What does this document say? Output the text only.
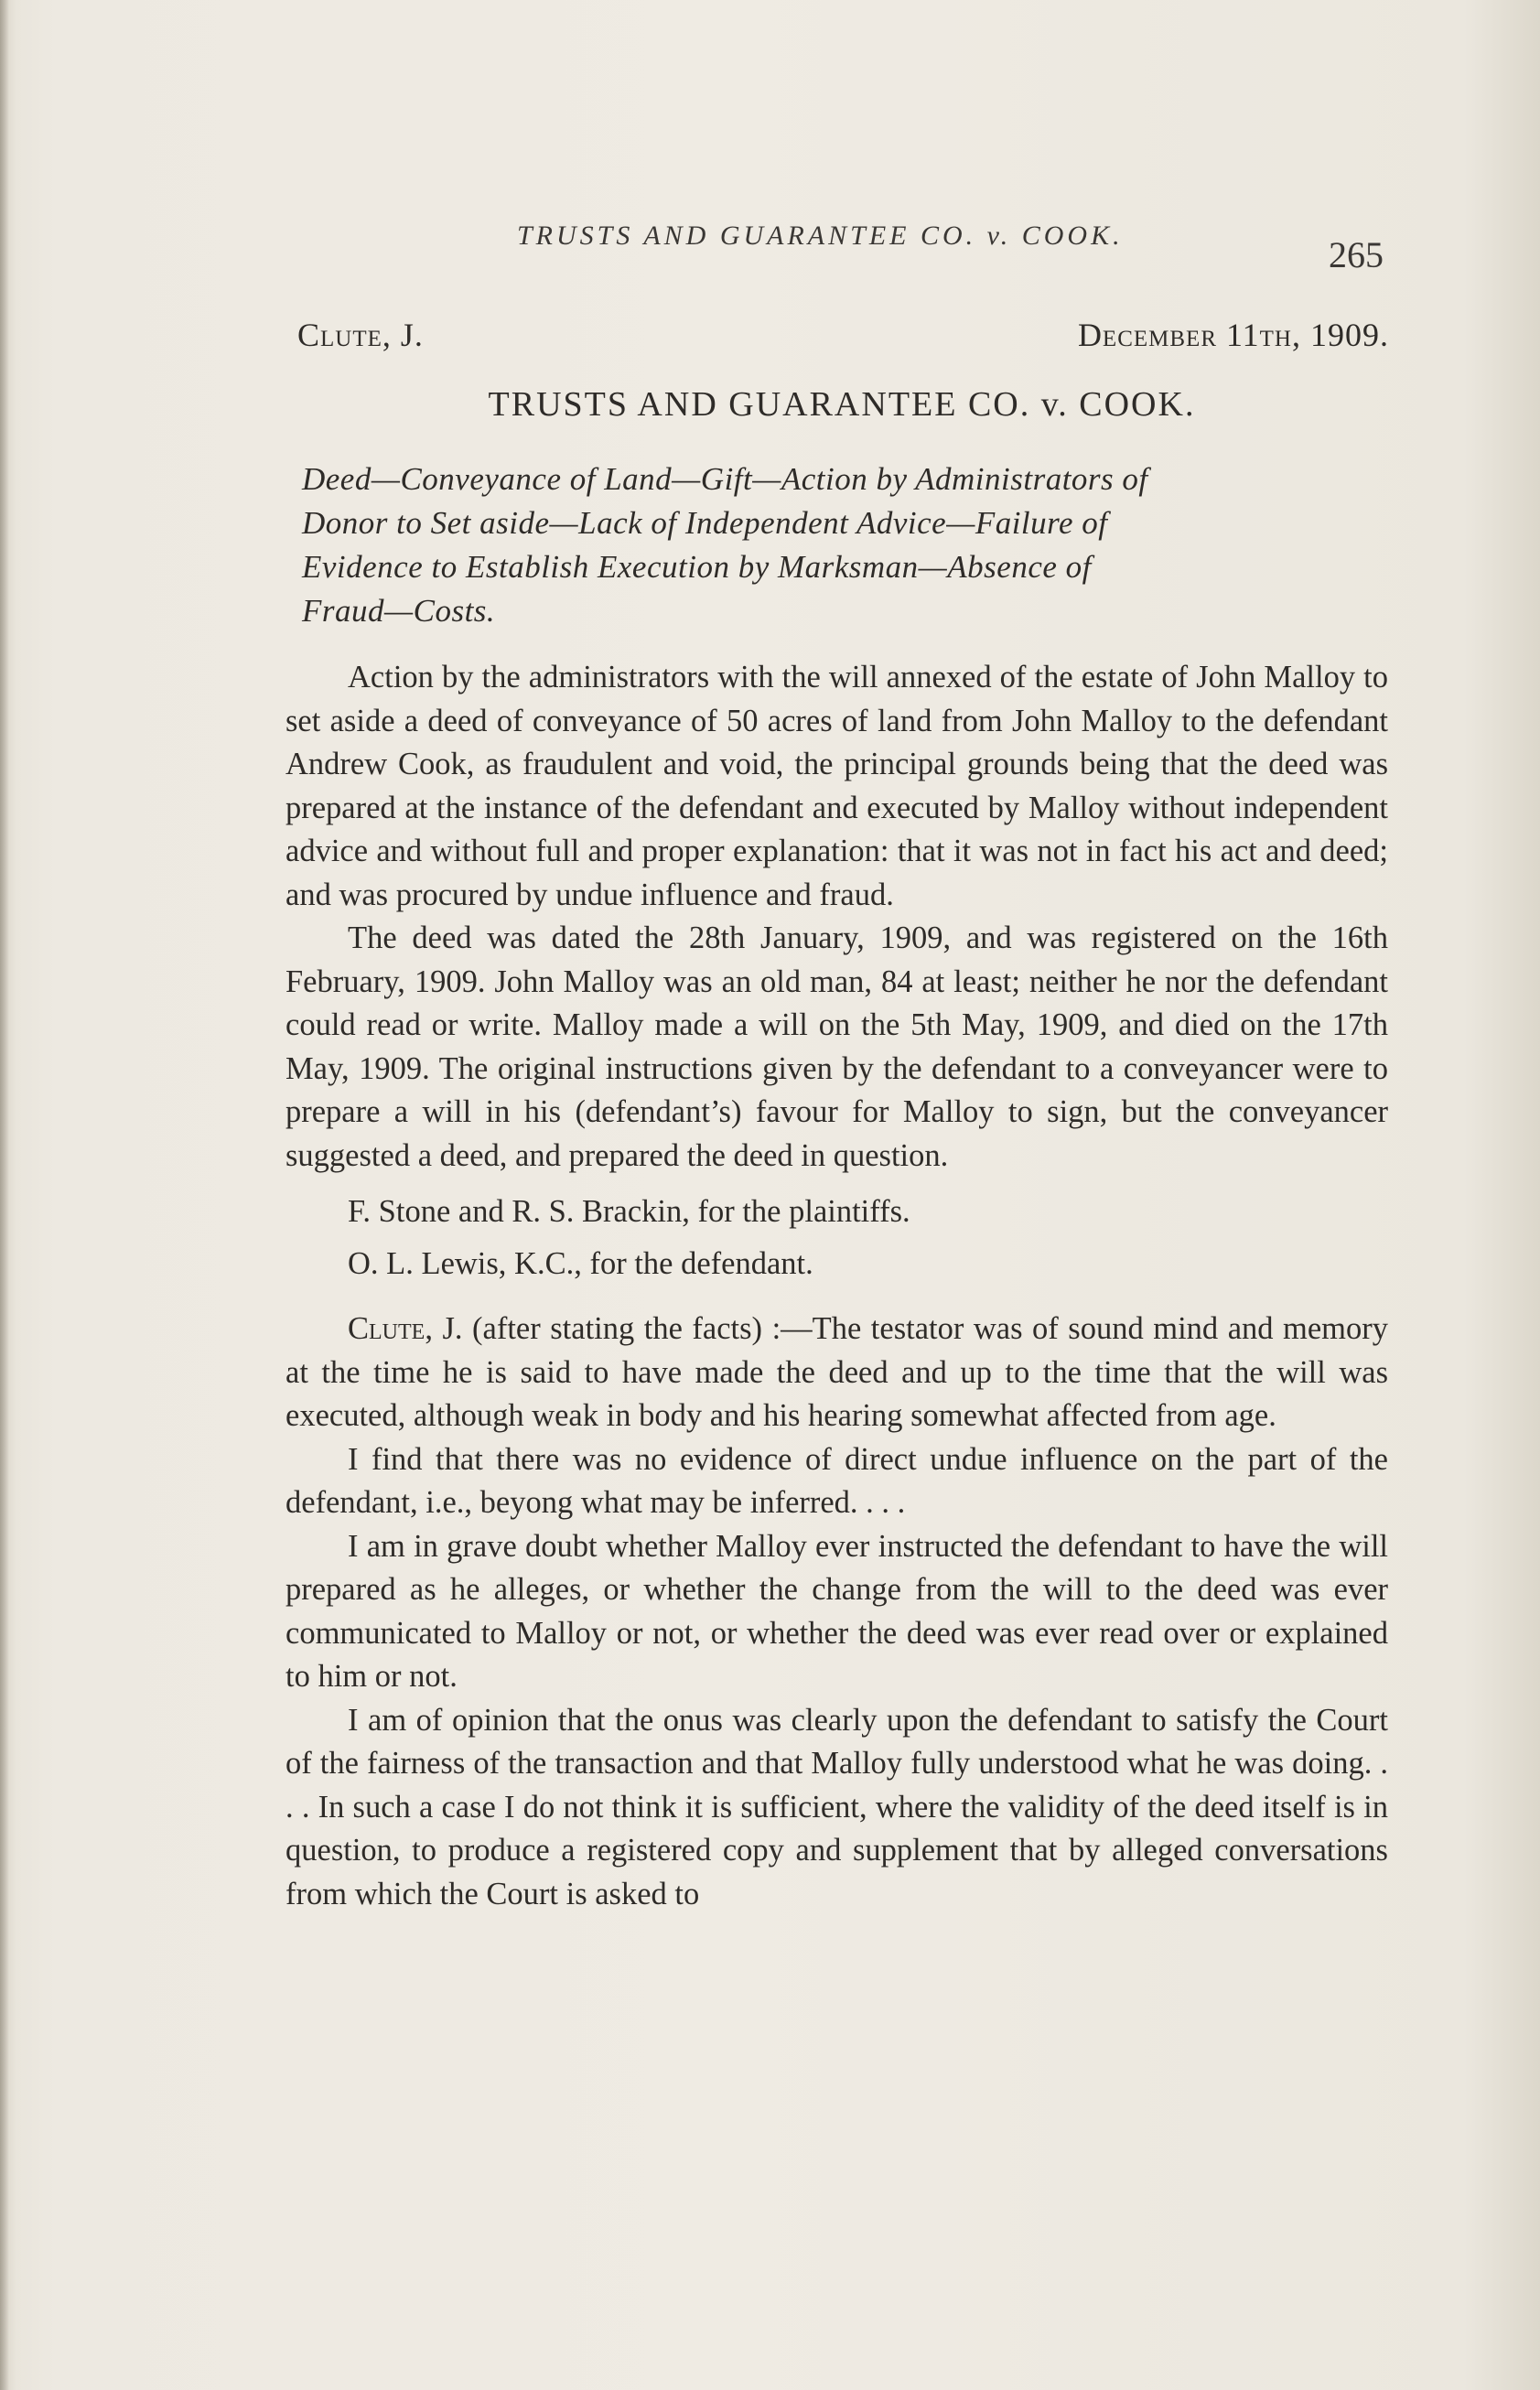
TRUSTS AND GUARANTEE CO. v. COOK.	265
Clute, J.	December 11th, 1909.
TRUSTS AND GUARANTEE CO. v. COOK.
Deed—Conveyance of Land—Gift—Action by Administrators of
Donor to Set aside—Lack of Independent Advice—Failure of
Evidence to Establish Execution by Marksman—Absence of
Fraud—Costs.

Action by the administrators with the will annexed of the estate of John Malloy to set aside a deed of conveyance of 50 acres of land from John Malloy to the defendant Andrew Cook, as fraudulent and void, the principal grounds being that the deed was prepared at the instance of the defendant and executed by Malloy without independent advice and without full and proper explanation: that it was not in fact his act and deed; and was procured by undue influence and fraud.

The deed was dated the 28th January, 1909, and was registered on the 16th February, 1909. John Malloy was an old man, 84 at least; neither he nor the defendant could read or write. Malloy made a will on the 5th May, 1909, and died on the 17th May, 1909. The original instructions given by the defendant to a conveyancer were to prepare a will in his (defendant’s) favour for Malloy to sign, but the conveyancer suggested a deed, and prepared the deed in question.

F. Stone and R. S. Brackin, for the plaintiffs.
O. L. Lewis, K.C., for the defendant.

Clute, J. (after stating the facts) :—The testator was of sound mind and memory at the time he is said to have made the deed and up to the time that the will was executed, although weak in body and his hearing somewhat affected from age.

I find that there was no evidence of direct undue influence on the part of the defendant, i.e., beyong what may be inferred. . . .

I am in grave doubt whether Malloy ever instructed the defendant to have the will prepared as he alleges, or whether the change from the will to the deed was ever communicated to Malloy or not, or whether the deed was ever read over or explained to him or not.

I am of opinion that the onus was clearly upon the defendant to satisfy the Court of the fairness of the transaction and that Malloy fully understood what he was doing. . . . In such a case I do not think it is sufficient, where the validity of the deed itself is in question, to produce a registered copy and supplement that by alleged conversations from which the Court is asked to
